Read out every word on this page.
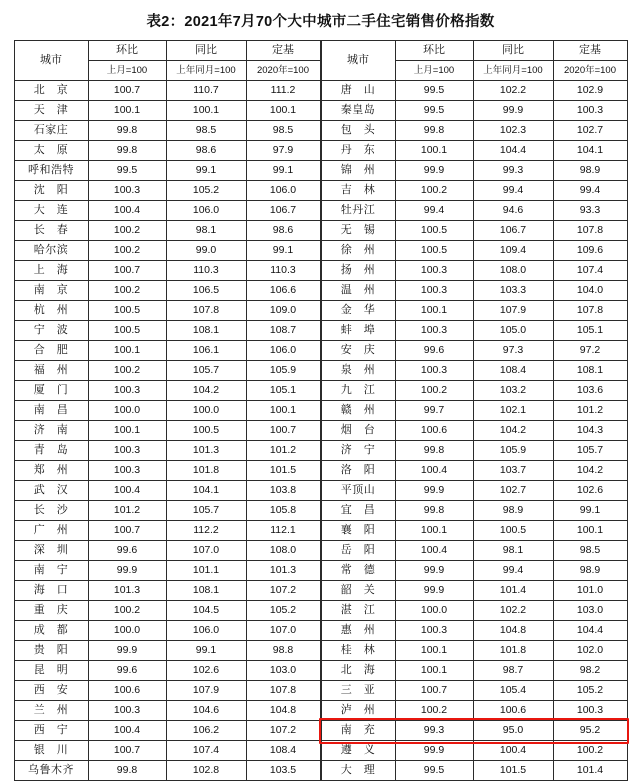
表2：2021年7月70个大中城市二手住宅销售价格指数
城市	环比	同比	定基
	上月=100	上年同月=100	2020年=100
北　京	100.7	110.7	111.2
天　津	100.1	100.1	100.1
石家庄	99.8	98.5	98.5
太　原	99.8	98.6	97.9
呼和浩特	99.5	99.1	99.1
沈　阳	100.3	105.2	106.0
大　连	100.4	106.0	106.7
长　春	100.2	98.1	98.6
哈尔滨	100.2	99.0	99.1
上　海	100.7	110.3	110.3
南　京	100.2	106.5	106.6
杭　州	100.5	107.8	109.0
宁　波	100.5	108.1	108.7
合　肥	100.1	106.1	106.0
福　州	100.2	105.7	105.9
厦　门	100.3	104.2	105.1
南　昌	100.0	100.0	100.1
济　南	100.1	100.5	100.7
青　岛	100.3	101.3	101.2
郑　州	100.3	101.8	101.5
武　汉	100.4	104.1	103.8
长　沙	101.2	105.7	105.8
广　州	100.7	112.2	112.1
深　圳	99.6	107.0	108.0
南　宁	99.9	101.1	101.3
海　口	101.3	108.1	107.2
重　庆	100.2	104.5	105.2
成　都	100.0	106.0	107.0
贵　阳	99.9	99.1	98.8
昆　明	99.6	102.6	103.0
西　安	100.6	107.9	107.8
兰　州	100.3	104.6	104.8
西　宁	100.4	106.2	107.2
银　川	100.7	107.4	108.4
乌鲁木齐	99.8	102.8	103.5
城市	环比	同比	定基
	上月=100	上年同月=100	2020年=100
唐　山	99.5	102.2	102.9
秦皇岛	99.5	99.9	100.3
包　头	99.8	102.3	102.7
丹　东	100.1	104.4	104.1
锦　州	99.9	99.3	98.9
吉　林	100.2	99.4	99.4
牡丹江	99.4	94.6	93.3
无　锡	100.5	106.7	107.8
徐　州	100.5	109.4	109.6
扬　州	100.3	108.0	107.4
温　州	100.3	103.3	104.0
金　华	100.1	107.9	107.8
蚌　埠	100.3	105.0	105.1
安　庆	99.6	97.3	97.2
泉　州	100.3	108.4	108.1
九　江	100.2	103.2	103.6
赣　州	99.7	102.1	101.2
烟　台	100.6	104.2	104.3
济　宁	99.8	105.9	105.7
洛　阳	100.4	103.7	104.2
平顶山	99.9	102.7	102.6
宜　昌	99.8	98.9	99.1
襄　阳	100.1	100.5	100.1
岳　阳	100.4	98.1	98.5
常　德	99.9	99.4	98.9
韶　关	99.9	101.4	101.0
湛　江	100.0	102.2	103.0
惠　州	100.3	104.8	104.4
桂　林	100.1	101.8	102.0
北　海	100.1	98.7	98.2
三　亚	100.7	105.4	105.2
泸　州	100.2	100.6	100.3
南　充	99.3	95.0	95.2
遵　义	99.9	100.4	100.2
大　理	99.5	101.5	101.4
